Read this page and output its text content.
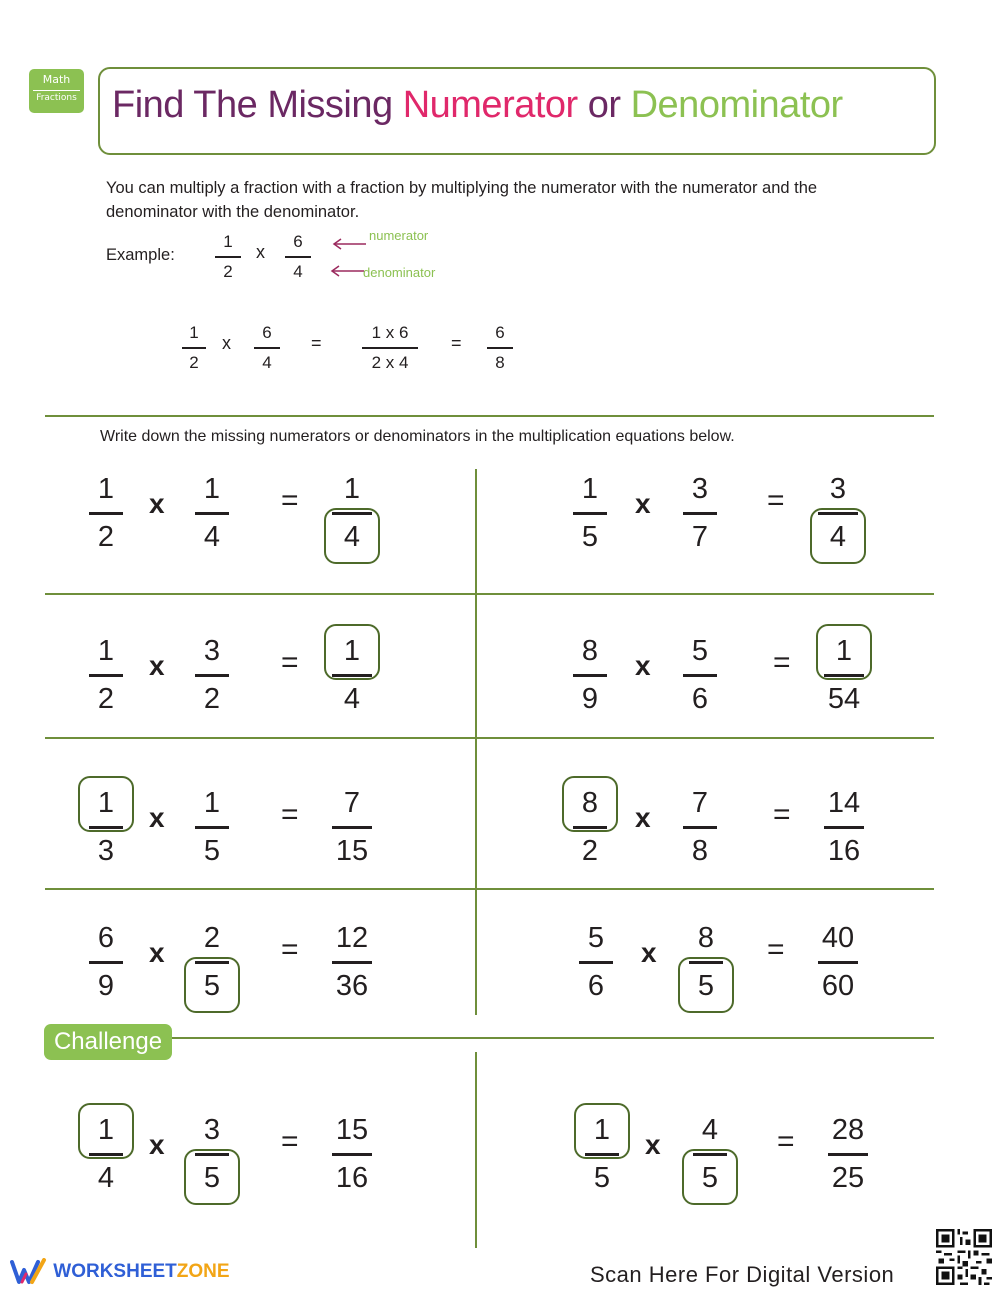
Math
Fractions Find The Missing Numerator or Denominator
You can multiply a fraction with a fraction by multiplying the numerator with the numerator and the denominator with the denominator.
Example:
1
2
x
6
4
numerator
denominator
1
2
x
6
4
=
1 x 6
2 x 4
=
6
8
Write down the missing numerators or denominators in the multiplication equations below.
Challenge
1
2
x	1
4
=	1
4
1
5
x	3
7
=	3
4
1
2
x	3
2
=	1
4
8
9
x	5
6
=	1
54
1
3
x	1
5
=	7
15
8
2
x	7
8
=	14
16
6
9
x	2
5
=	12
36
5
6
x	8
5
=	40
60
1
4
x	3
5
=	15
16
1
5
x	4
5
=	28
25
WORKSHEETZONE	Scan Here For Digital Version
